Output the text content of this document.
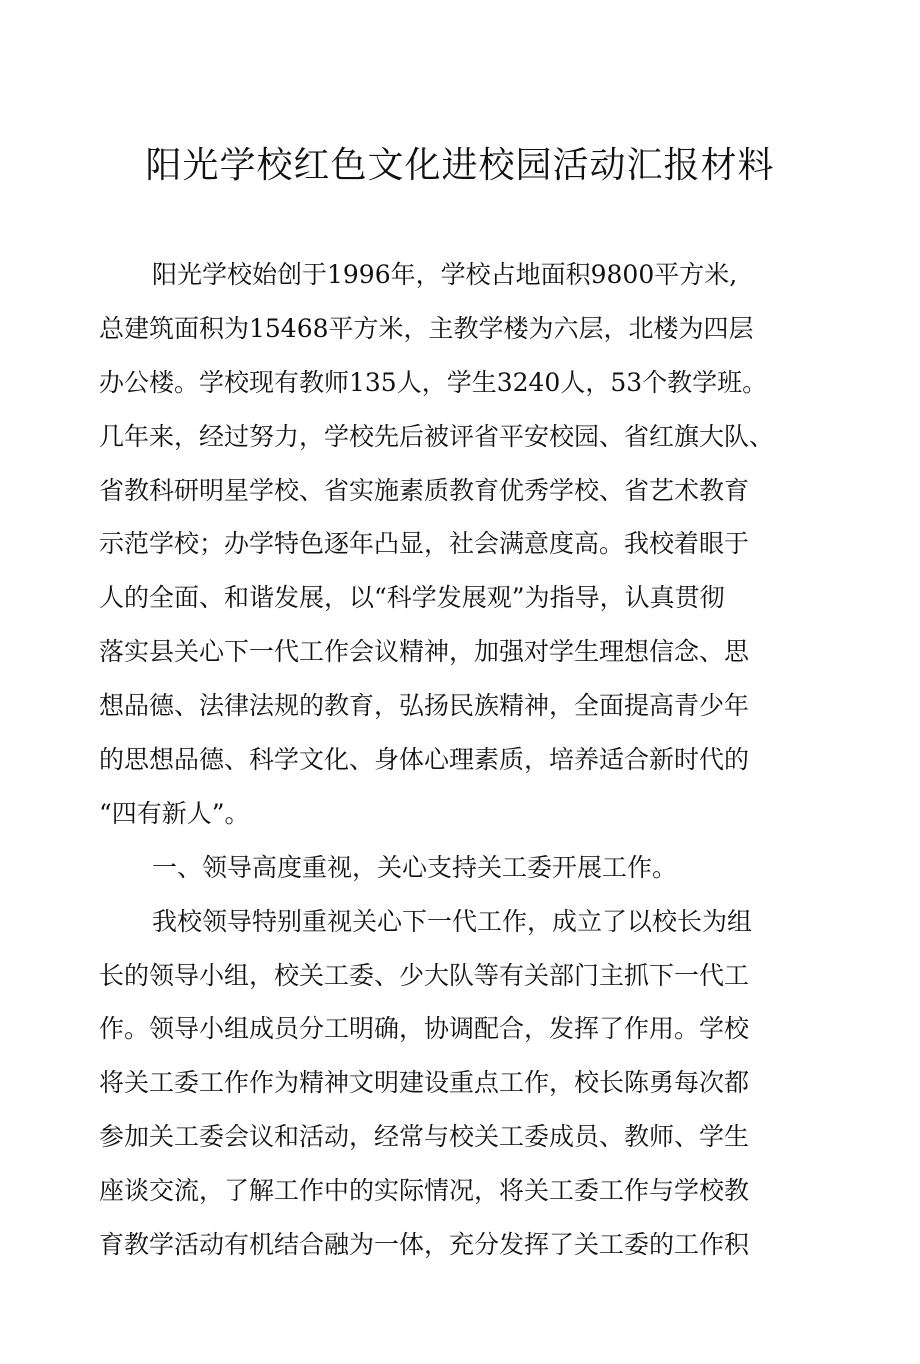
阳光学校红色文化进校园活动汇报材料
阳光学校始创于1996年，学校占地面积9800平方米,
总建筑面积为15468平方米，主教学楼为六层，北楼为四层
办公楼。学校现有教师135人，学生3240人，53个教学班。
几年来，经过努力，学校先后被评省平安校园、省红旗大队、
省教科研明星学校、省实施素质教育优秀学校、省艺术教育
示范学校；办学特色逐年凸显，社会满意度高。我校着眼于
人的全面、和谐发展，以“科学发展观”为指导，认真贯彻
落实县关心下一代工作会议精神，加强对学生理想信念、思
想品德、法律法规的教育，弘扬民族精神，全面提高青少年
的思想品德、科学文化、身体心理素质，培养适合新时代的
“四有新人”。
一、领导高度重视，关心支持关工委开展工作。
我校领导特别重视关心下一代工作，成立了以校长为组
长的领导小组，校关工委、少大队等有关部门主抓下一代工
作。领导小组成员分工明确，协调配合，发挥了作用。学校
将关工委工作作为精神文明建设重点工作，校长陈勇每次都
参加关工委会议和活动，经常与校关工委成员、教师、学生
座谈交流，了解工作中的实际情况，将关工委工作与学校教
育教学活动有机结合融为一体，充分发挥了关工委的工作积
